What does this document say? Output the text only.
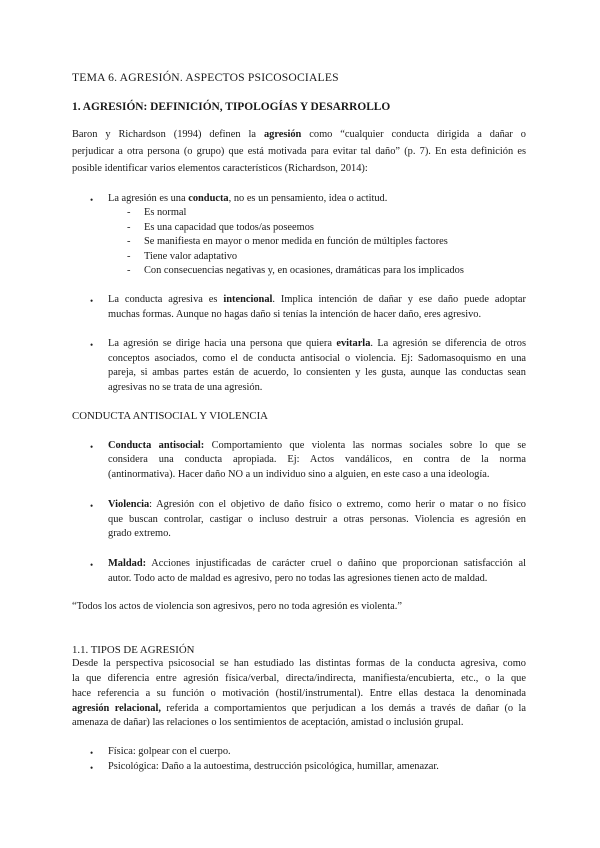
TEMA 6. AGRESIÓN. ASPECTOS PSICOSOCIALES
1. AGRESIÓN: DEFINICIÓN, TIPOLOGÍAS Y DESARROLLO
Baron y Richardson (1994) definen la agresión como “cualquier conducta dirigida a dañar o
perjudicar a otra persona (o grupo) que está motivada para evitar tal daño” (p. 7). En esta definición es
posible identificar varios elementos característicos (Richardson, 2014):
• La agresión es una conducta, no es un pensamiento, idea o actitud.
- Es normal
- Es una capacidad que todos/as poseemos
- Se manifiesta en mayor o menor medida en función de múltiples factores
- Tiene valor adaptativo
- Con consecuencias negativas y, en ocasiones, dramáticas para los implicados
• La conducta agresiva es intencional. Implica intención de dañar y ese daño puede adoptar
muchas formas. Aunque no hagas daño si tenías la intención de hacer daño, eres agresivo.
• La agresión se dirige hacia una persona que quiera evitarla. La agresión se diferencia de otros
conceptos asociados, como el de conducta antisocial o violencia. Ej: Sadomasoquismo en una
pareja, si ambas partes están de acuerdo, lo consienten y les gusta, aunque las conductas sean
agresivas no se trata de una agresión.
CONDUCTA ANTISOCIAL Y VIOLENCIA
• Conducta antisocial: Comportamiento que violenta las normas sociales sobre lo que se
considera una conducta apropiada. Ej: Actos vandálicos, en contra de la norma
(antinormativa). Hacer daño NO a un individuo sino a alguien, en este caso a una ideología.
• Violencia: Agresión con el objetivo de daño físico o extremo, como herir o matar o no físico
que buscan controlar, castigar o incluso destruir a otras personas. Violencia es agresión en
grado extremo.
• Maldad: Acciones injustificadas de carácter cruel o dañino que proporcionan satisfacción al
autor. Todo acto de maldad es agresivo, pero no todas las agresiones tienen acto de maldad.
“Todos los actos de violencia son agresivos, pero no toda agresión es violenta.”
1.1. TIPOS DE AGRESIÓN
Desde la perspectiva psicosocial se han estudiado las distintas formas de la conducta agresiva, como
la que diferencia entre agresión física/verbal, directa/indirecta, manifiesta/encubierta, etc., o la que
hace referencia a su función o motivación (hostil/instrumental). Entre ellas destaca la denominada
agresión relacional, referida a comportamientos que perjudican a los demás a través de dañar (o la
amenaza de dañar) las relaciones o los sentimientos de aceptación, amistad o inclusión grupal.
• Física: golpear con el cuerpo.
• Psicológica: Daño a la autoestima, destrucción psicológica, humillar, amenazar.
